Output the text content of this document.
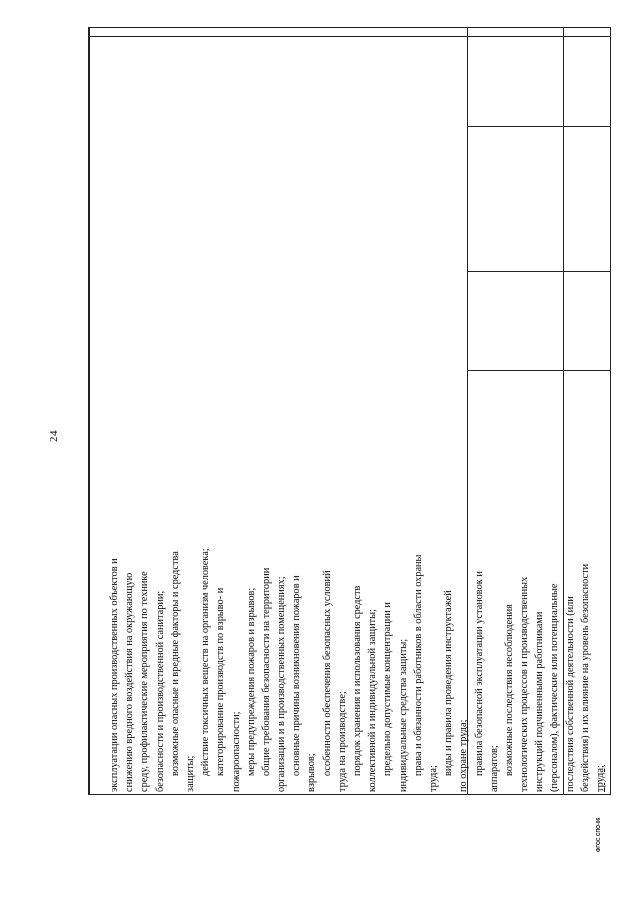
24
эксплуатации опасных производственных объектов и снижению вредного воздействия на окружающую среду, профилактические мероприятия по технике безопасности и производственной санитарии; возможные опасные и вредные факторы и средства защиты; действие токсичных веществ на организм человека; категорирование производств по взрыво- и пожароопасности; меры предупреждения пожаров и взрывов; общие требования безопасности на территории организации и в производственных помещениях; основные причины возникновения пожаров и взрывов; особенности обеспечения безопасных условий труда на производстве; порядок хранения и использования средств коллективной и индивидуальной защиты; предельно допустимые концентрации и индивидуальные средства защиты; права и обязанности работников в области охраны
труда;
виды и правила проведения инструктажей по охране труда; правила безопасной эксплуатации установок и аппаратов; возможные последствия несоблюдения технологических процессов и производственных инструкций подчиненными работниками (персоналом), фактические или потенциальные последствия собственной деятельности (или бездействия) и их влияние на уровень безопасности труда;
ФГОС СПО-06
